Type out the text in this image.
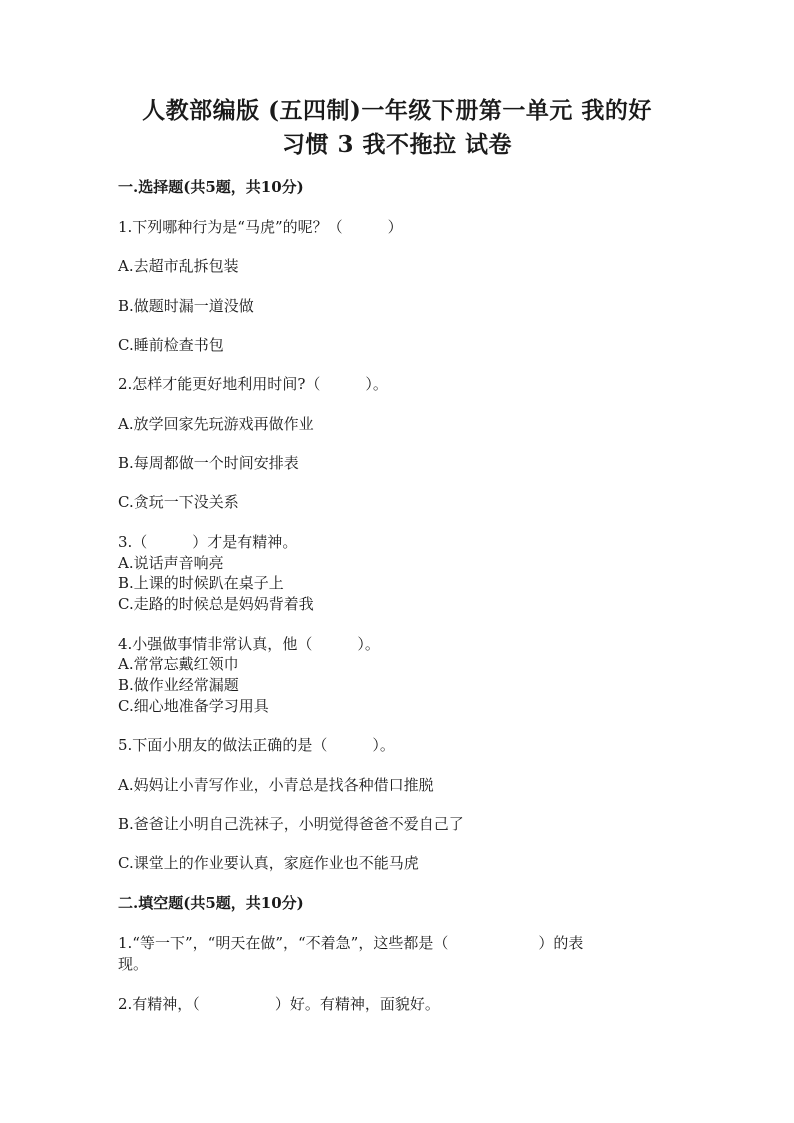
人教部编版 (五四制)一年级下册第一单元 我的好
习惯 3 我不拖拉 试卷
一.选择题(共5题，共10分)
1.下列哪种行为是“马虎”的呢？（　　　）
A.去超市乱拆包装
B.做题时漏一道没做
C.睡前检查书包
2.怎样才能更好地利用时间?（　　　）。
A.放学回家先玩游戏再做作业
B.每周都做一个时间安排表
C.贪玩一下没关系
3.（　　　）才是有精神。
A.说话声音响亮
B.上课的时候趴在桌子上
C.走路的时候总是妈妈背着我
4.小强做事情非常认真，他（　　　）。
A.常常忘戴红领巾
B.做作业经常漏题
C.细心地准备学习用具
5.下面小朋友的做法正确的是（　　　）。
A.妈妈让小青写作业，小青总是找各种借口推脱
B.爸爸让小明自己洗袜子，小明觉得爸爸不爱自己了
C.课堂上的作业要认真，家庭作业也不能马虎
二.填空题(共5题，共10分)
1.“等一下”，“明天在做”，“不着急”，这些都是（　　　　　　）的表
现。
2.有精神，（　　　　　）好。有精神，面貌好。
